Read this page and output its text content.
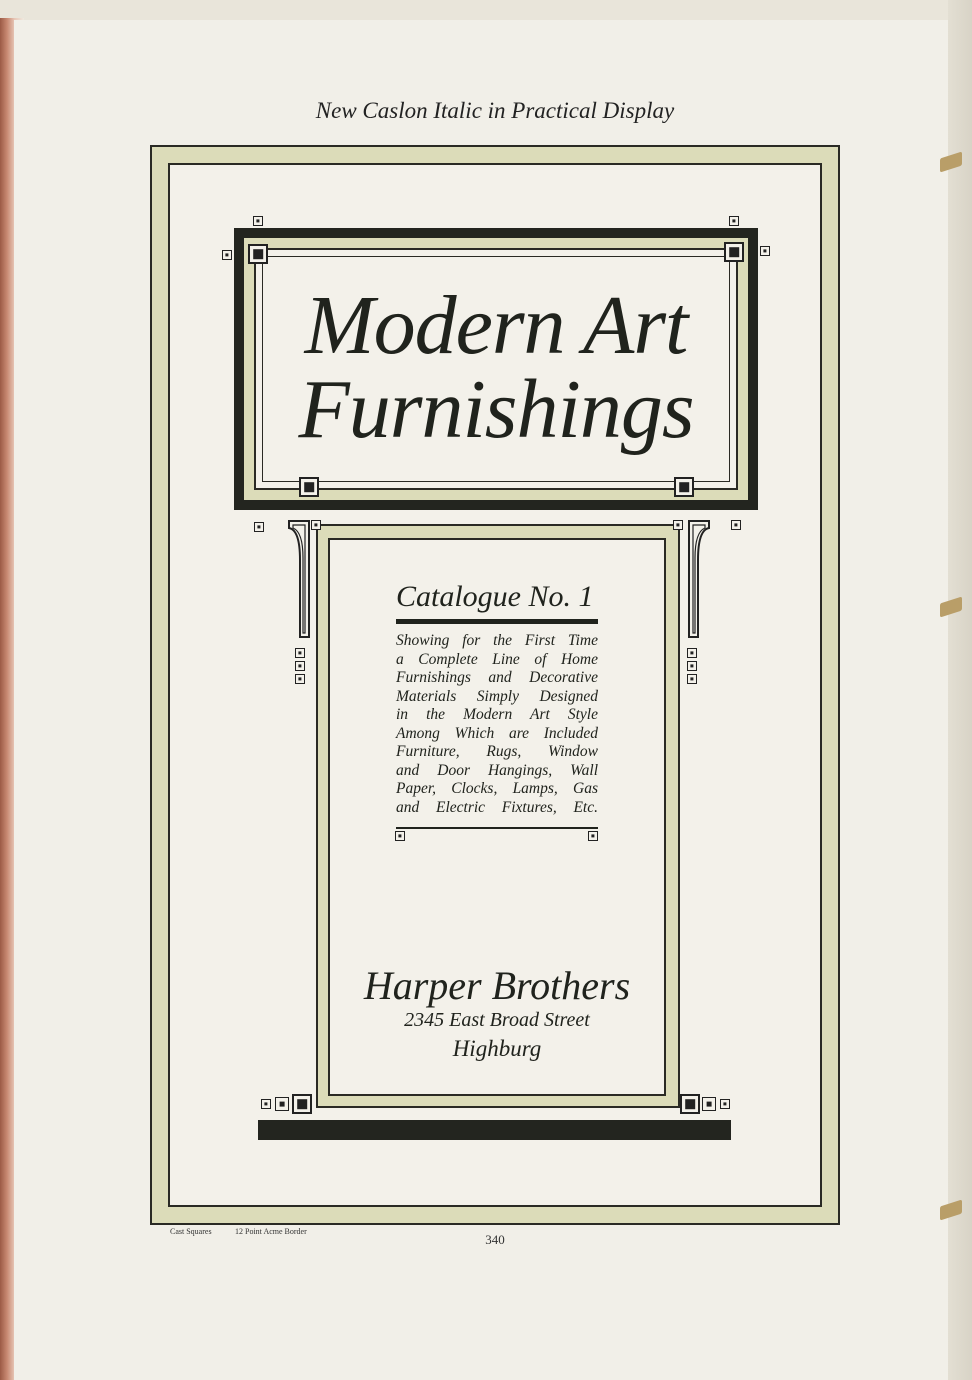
New Caslon Italic in Practical Display
Modern Art
Furnishings
Catalogue No. 1
Showing for the First Time
a Complete Line of Home
Furnishings and Decorative
Materials Simply Designed
in the Modern Art Style
Among Which are Included
Furniture, Rugs, Window
and Door Hangings, Wall
Paper, Clocks, Lamps, Gas
and Electric Fixtures, Etc.
Harper Brothers
2345 East Broad Street
Highburg
Cast Squares	12 Point Acme Border
340
